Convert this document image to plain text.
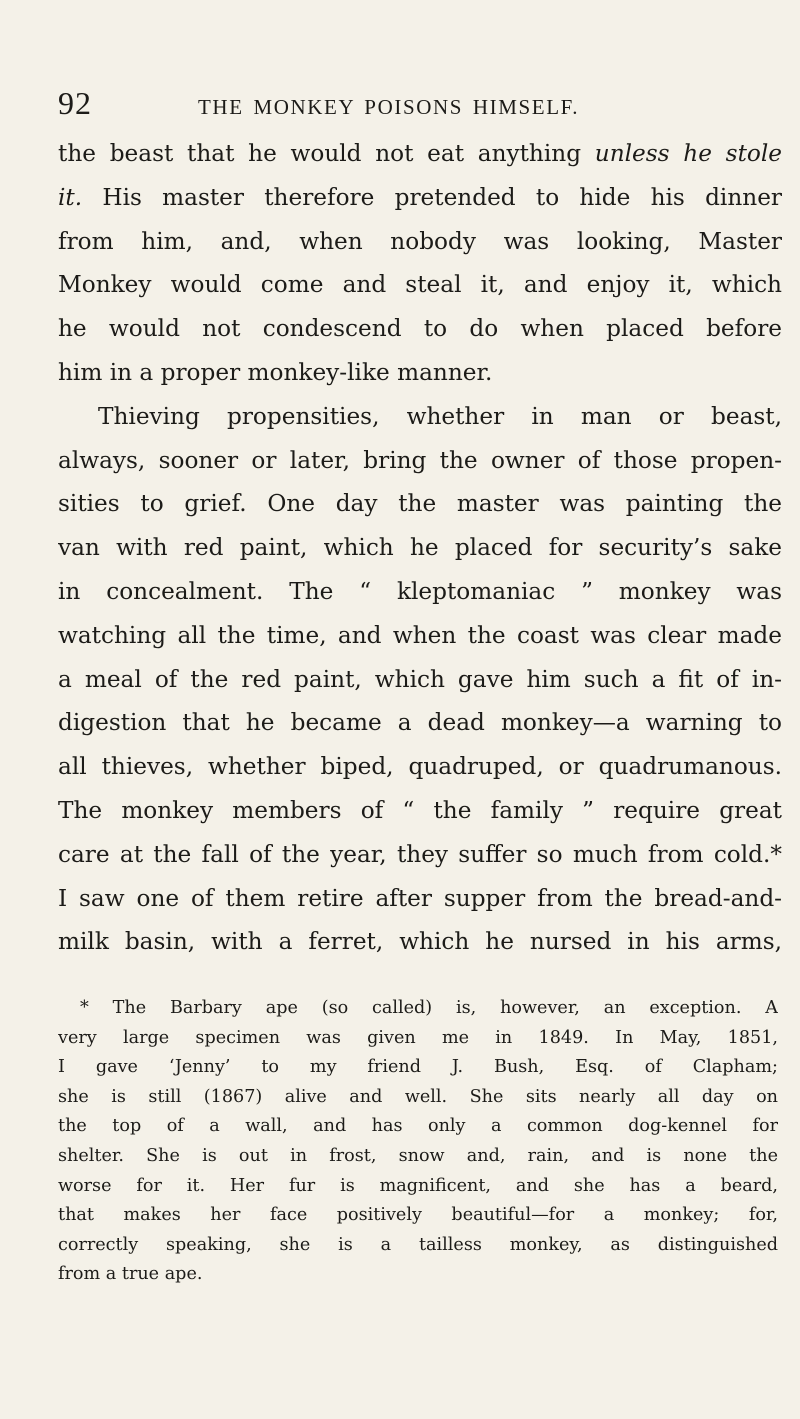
92	THE MONKEY POISONS HIMSELF.
the beast that he would not eat anything unless he stole
it. His master therefore pretended to hide his dinner
from him, and, when nobody was looking, Master
Monkey would come and steal it, and enjoy it, which
he would not condescend to do when placed before
him in a proper monkey-like manner.
Thieving propensities, whether in man or beast,
always, sooner or later, bring the owner of those propen-
sities to grief. One day the master was painting the
van with red paint, which he placed for security’s sake
in concealment. The “ kleptomaniac ” monkey was
watching all the time, and when the coast was clear made
a meal of the red paint, which gave him such a fit of in-
digestion that he became a dead monkey—a warning to
all thieves, whether biped, quadruped, or quadrumanous.
The monkey members of “ the family ” require great
care at the fall of the year, they suffer so much from cold.*
I saw one of them retire after supper from the bread-and-
milk basin, with a ferret, which he nursed in his arms,
* The Barbary ape (so called) is, however, an exception. A
very large specimen was given me in 1849. In May, 1851,
I gave ‘Jenny’ to my friend J. Bush, Esq. of Clapham;
she is still (1867) alive and well. She sits nearly all day on
the top of a wall, and has only a common dog-kennel for
shelter. She is out in frost, snow and, rain, and is none the
worse for it. Her fur is magnificent, and she has a beard,
that makes her face positively beautiful—for a monkey; for,
correctly speaking, she is a tailless monkey, as distinguished
from a true ape.
